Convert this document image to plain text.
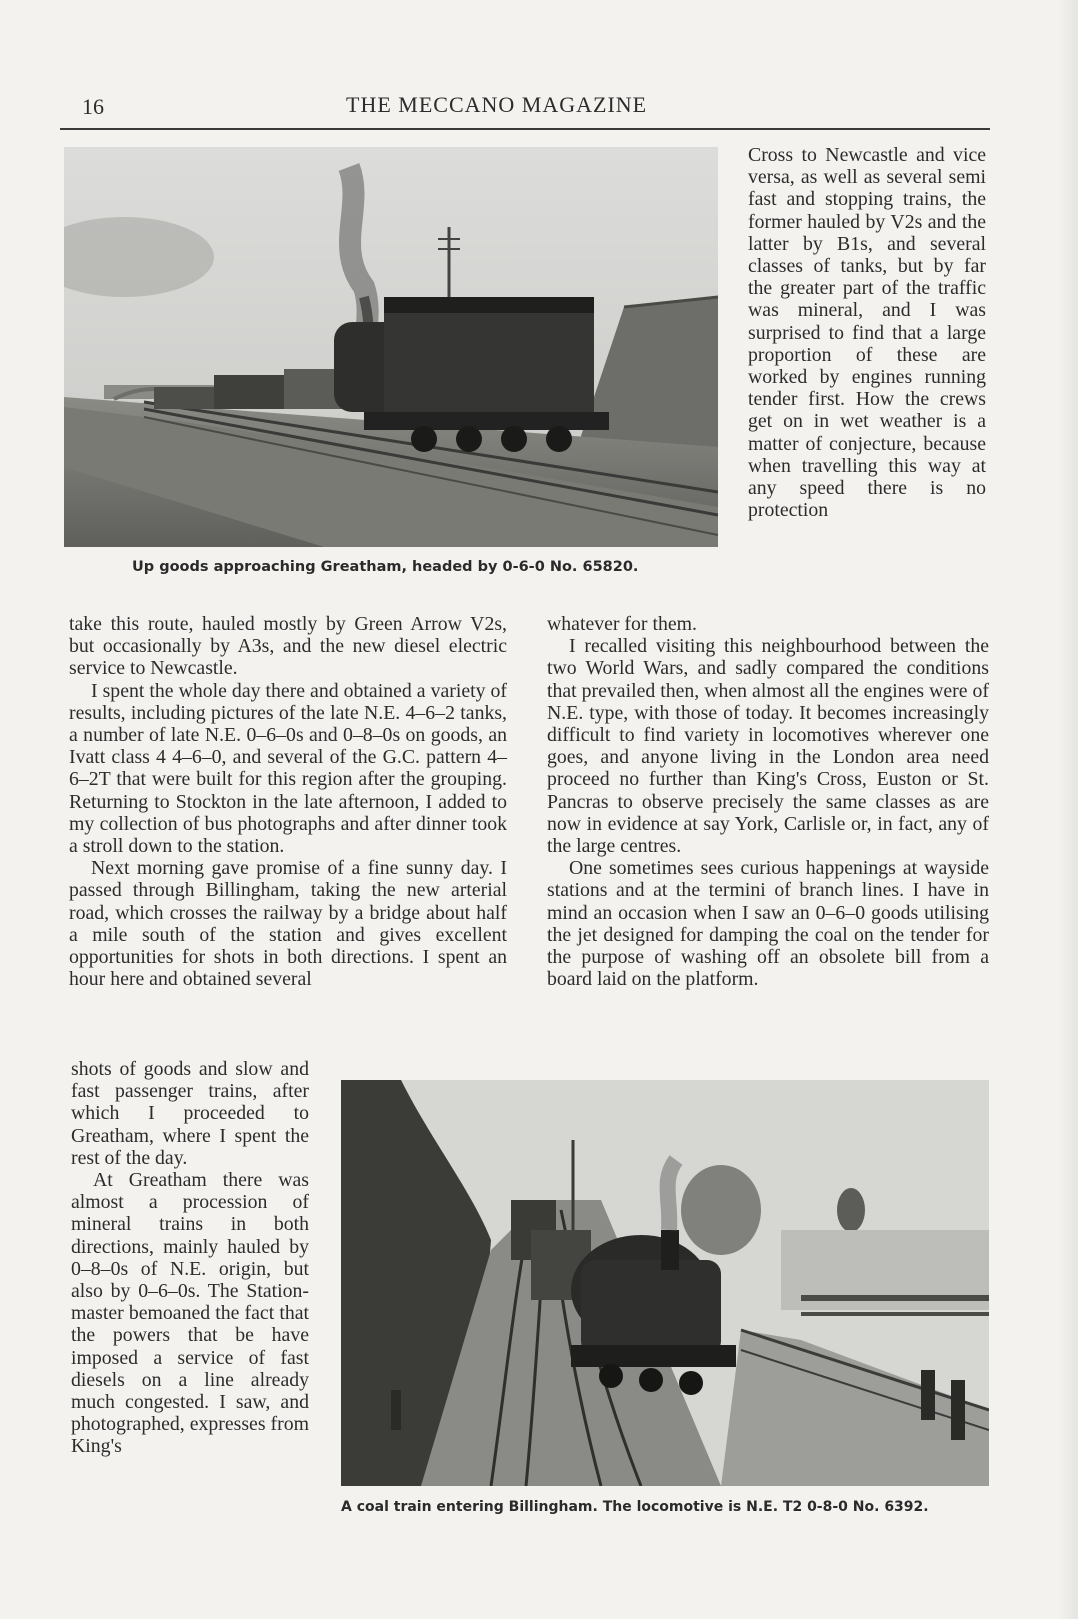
16	THE MECCANO MAGAZINE
Up goods approaching Greatham, headed by 0-6-0 No. 65820.

Cross to Newcastle and vice versa, as well as several semi fast and stopping trains, the former hauled by V2s and the latter by B1s, and several classes of tanks, but by far the greater part of the traffic was mineral, and I was surprised to find that a large proportion of these are worked by engines running tender first. How the crews get on in wet weather is a matter of conjecture, because when travelling this way at any speed there is no protection

take this route, hauled mostly by Green Arrow V2s, but occasionally by A3s, and the new diesel electric service to Newcastle.

I spent the whole day there and obtained a variety of results, including pictures of the late N.E. 4–6–2 tanks, a number of late N.E. 0–6–0s and 0–8–0s on goods, an Ivatt class 4 4–6–0, and several of the G.C. pattern 4–6–2T that were built for this region after the grouping. Returning to Stockton in the late afternoon, I added to my collection of bus photographs and after dinner took a stroll down to the station.

Next morning gave promise of a fine sunny day. I passed through Billingham, taking the new arterial road, which crosses the railway by a bridge about half a mile south of the station and gives excellent opportunities for shots in both directions. I spent an hour here and obtained several

whatever for them.

I recalled visiting this neighbourhood between the two World Wars, and sadly compared the conditions that prevailed then, when almost all the engines were of N.E. type, with those of today. It becomes increasingly difficult to find variety in locomotives wherever one goes, and anyone living in the London area need proceed no further than King's Cross, Euston or St. Pancras to observe precisely the same classes as are now in evidence at say York, Carlisle or, in fact, any of the large centres.

One sometimes sees curious happenings at wayside stations and at the termini of branch lines. I have in mind an occasion when I saw an 0–6–0 goods utilising the jet designed for damping the coal on the tender for the purpose of washing off an obsolete bill from a board laid on the platform.

shots of goods and slow and fast passenger trains, after which I proceeded to Greatham, where I spent the rest of the day.

At Greatham there was almost a procession of mineral trains in both directions, mainly hauled by 0–8–0s of N.E. origin, but also by 0–6–0s. The Station-master bemoaned the fact that the powers that be have imposed a service of fast diesels on a line already much congested. I saw, and photographed, expresses from King's

A coal train entering Billingham. The locomotive is N.E. T2 0-8-0 No. 6392.
